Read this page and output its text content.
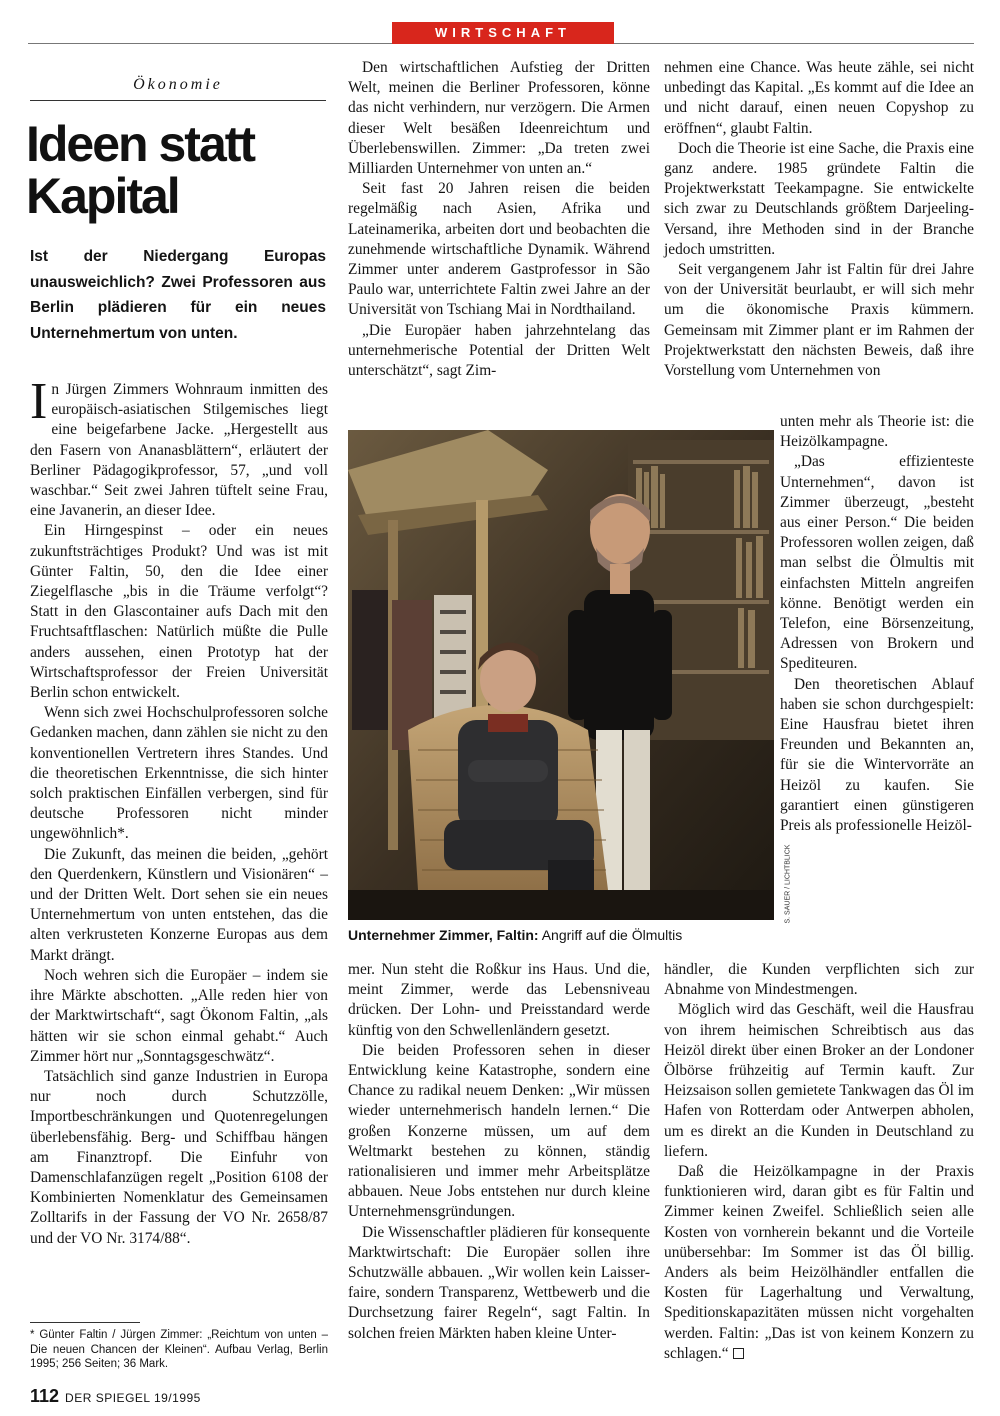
WIRTSCHAFT
Ökonomie
Ideen statt Kapital
Ist der Niedergang Europas unausweichlich? Zwei Professoren aus Berlin plädieren für ein neues Unternehmertum von unten.

In Jürgen Zimmers Wohnraum inmitten des europäisch-asiatischen Stilgemisches liegt eine beigefarbene Jacke. „Hergestellt aus den Fasern von Ananasblättern“, erläutert der Berliner Pädagogikprofessor, 57, „und voll waschbar.“ Seit zwei Jahren tüftelt seine Frau, eine Javanerin, an dieser Idee.

Ein Hirngespinst – oder ein neues zukunftsträchtiges Produkt? Und was ist mit Günter Faltin, 50, den die Idee einer Ziegelflasche „bis in die Träume verfolgt“? Statt in den Glascontainer aufs Dach mit den Fruchtsaftflaschen: Natürlich müßte die Pulle anders aussehen, einen Prototyp hat der Wirtschaftsprofessor der Freien Universität Berlin schon entwickelt.

Wenn sich zwei Hochschulprofessoren solche Gedanken machen, dann zählen sie nicht zu den konventionellen Vertretern ihres Standes. Und die theoretischen Erkenntnisse, die sich hinter solch praktischen Einfällen verbergen, sind für deutsche Professoren nicht minder ungewöhnlich*.

Die Zukunft, das meinen die beiden, „gehört den Querdenkern, Künstlern und Visionären“ – und der Dritten Welt. Dort sehen sie ein neues Unternehmertum von unten entstehen, das die alten verkrusteten Konzerne Europas aus dem Markt drängt.

Noch wehren sich die Europäer – indem sie ihre Märkte abschotten. „Alle reden hier von der Marktwirtschaft“, sagt Ökonom Faltin, „als hätten wir sie schon einmal gehabt.“ Auch Zimmer hört nur „Sonntagsgeschwätz“.

Tatsächlich sind ganze Industrien in Europa nur noch durch Schutzzölle, Importbeschränkungen und Quotenregelungen überlebensfähig. Berg- und Schiffbau hängen am Finanztropf. Die Einfuhr von Damenschlafanzügen regelt „Position 6108 der Kombinierten Nomenklatur des Gemeinsamen Zolltarifs in der Fassung der VO Nr. 2658/87 und der VO Nr. 3174/88“.

* Günter Faltin / Jürgen Zimmer: „Reichtum von unten – Die neuen Chancen der Kleinen“. Aufbau Verlag, Berlin 1995; 256 Seiten; 36 Mark.
112 DER SPIEGEL 19/1995

Den wirtschaftlichen Aufstieg der Dritten Welt, meinen die Berliner Professoren, könne das nicht verhindern, nur verzögern. Die Armen dieser Welt besäßen Ideenreichtum und Überlebenswillen. Zimmer: „Da treten zwei Milliarden Unternehmer von unten an.“

Seit fast 20 Jahren reisen die beiden regelmäßig nach Asien, Afrika und Lateinamerika, arbeiten dort und beobachten die zunehmende wirtschaftliche Dynamik. Während Zimmer unter anderem Gastprofessor in São Paulo war, unterrichtete Faltin zwei Jahre an der Universität von Tschiang Mai in Nordthailand.

„Die Europäer haben jahrzehntelang das unternehmerische Potential der Dritten Welt unterschätzt“, sagt Zim-

S. SAUER / LICHTBLICK
Unternehmer Zimmer, Faltin: Angriff auf die Ölmultis

mer. Nun steht die Roßkur ins Haus. Und die, meint Zimmer, werde das Lebensniveau drücken. Der Lohn- und Preisstandard werde künftig von den Schwellenländern gesetzt.

Die beiden Professoren sehen in dieser Entwicklung keine Katastrophe, sondern eine Chance zu radikal neuem Denken: „Wir müssen wieder unternehmerisch handeln lernen.“ Die großen Konzerne müssen, um auf dem Weltmarkt bestehen zu können, ständig rationalisieren und immer mehr Arbeitsplätze abbauen. Neue Jobs entstehen nur durch kleine Unternehmensgründungen.

Die Wissenschaftler plädieren für konsequente Marktwirtschaft: Die Europäer sollen ihre Schutzwälle abbauen. „Wir wollen kein Laisser-faire, sondern Transparenz, Wettbewerb und die Durchsetzung fairer Regeln“, sagt Faltin. In solchen freien Märkten haben kleine Unter-

nehmen eine Chance. Was heute zähle, sei nicht unbedingt das Kapital. „Es kommt auf die Idee an und nicht darauf, einen neuen Copyshop zu eröffnen“, glaubt Faltin.

Doch die Theorie ist eine Sache, die Praxis eine ganz andere. 1985 gründete Faltin die Projektwerkstatt Teekampagne. Sie entwickelte sich zwar zu Deutschlands größtem Darjeeling-Versand, ihre Methoden sind in der Branche jedoch umstritten.

Seit vergangenem Jahr ist Faltin für drei Jahre von der Universität beurlaubt, er will sich mehr um die ökonomische Praxis kümmern. Gemeinsam mit Zimmer plant er im Rahmen der Projektwerkstatt den nächsten Beweis, daß ihre Vorstellung vom Unternehmen von

unten mehr als Theorie ist: die Heizölkampagne.

„Das effizienteste Unternehmen“, davon ist Zimmer überzeugt, „besteht aus einer Person.“ Die beiden Professoren wollen zeigen, daß man selbst die Ölmultis mit einfachsten Mitteln angreifen könne. Benötigt werden ein Telefon, eine Börsenzeitung, Adressen von Brokern und Spediteuren.

Den theoretischen Ablauf haben sie schon durchgespielt: Eine Hausfrau bietet ihren Freunden und Bekannten an, für sie die Wintervorräte an Heizöl zu kaufen. Sie garantiert einen günstigeren Preis als professionelle Heizöl-

händler, die Kunden verpflichten sich zur Abnahme von Mindestmengen.

Möglich wird das Geschäft, weil die Hausfrau von ihrem heimischen Schreibtisch aus das Heizöl direkt über einen Broker an der Londoner Ölbörse frühzeitig auf Termin kauft. Zur Heizsaison sollen gemietete Tankwagen das Öl im Hafen von Rotterdam oder Antwerpen abholen, um es direkt an die Kunden in Deutschland zu liefern.

Daß die Heizölkampagne in der Praxis funktionieren wird, daran gibt es für Faltin und Zimmer keinen Zweifel. Schließlich seien alle Kosten von vornherein bekannt und die Vorteile unübersehbar: Im Sommer ist das Öl billig. Anders als beim Heizölhändler entfallen die Kosten für Lagerhaltung und Verwaltung, Speditionskapazitäten müssen nicht vorgehalten werden. Faltin: „Das ist von keinem Konzern zu schlagen.“
